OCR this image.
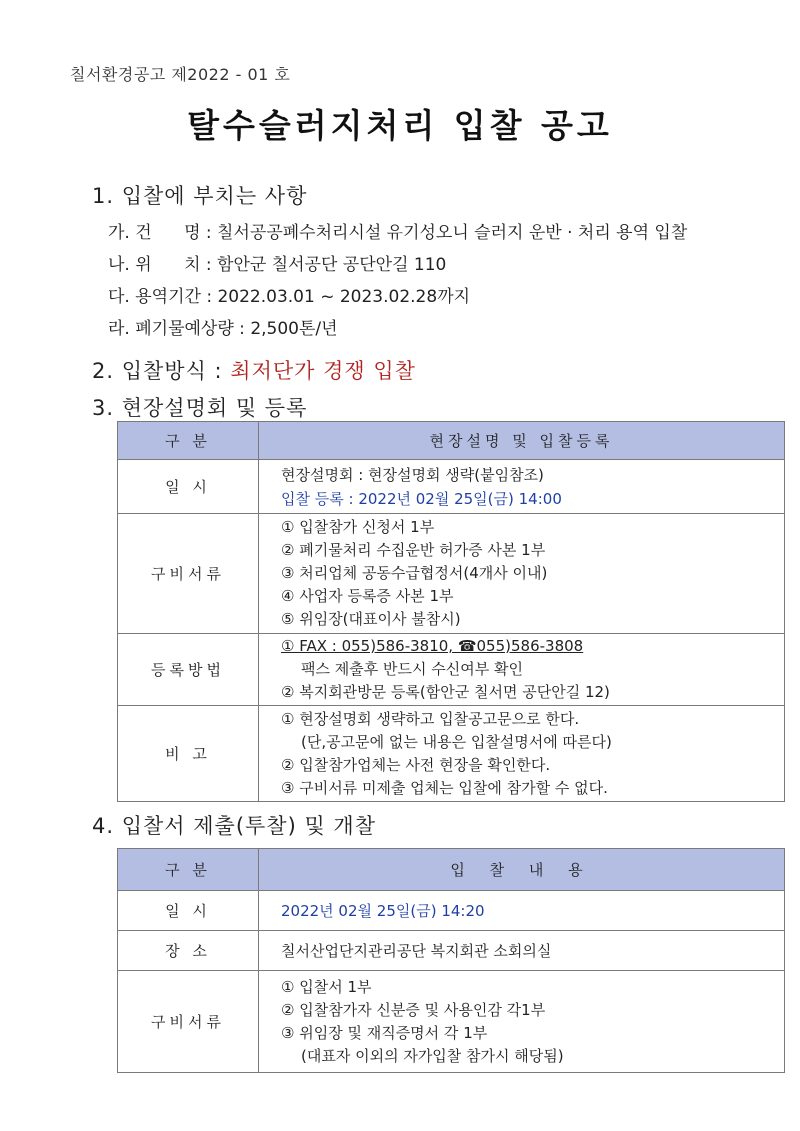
칠서환경공고 제2022 - 01 호
탈수슬러지처리 입찰 공고
1. 입찰에 부치는 사항
가. 건      명 : 칠서공공폐수처리시설 유기성오니 슬러지 운반 · 처리 용역 입찰
나. 위      치 : 함안군 칠서공단 공단안길 110
다. 용역기간 : 2022.03.01 ~ 2023.02.28까지
라. 폐기물예상량 : 2,500톤/년
2. 입찰방식 : 최저단가 경쟁 입찰
3. 현장설명회 및 등록
구 분	현장설명 및 입찰등록
일 시	현장설명회 : 현장설명회 생략(붙임참조)
입찰 등록 : 2022년 02월 25일(금) 14:00

구비서류	① 입찰참가 신청서 1부
② 폐기물처리 수집운반 허가증 사본 1부
③ 처리업체 공동수급협정서(4개사 이내)
④ 사업자 등록증 사본 1부
⑤ 위임장(대표이사 불참시)

등록방법	① FAX : 055)586-3810, ☎055)586-3808
팩스 제출후 반드시 수신여부 확인
② 복지회관방문 등록(함안군 칠서면 공단안길 12)

비 고	① 현장설명회 생략하고 입찰공고문으로 한다.
(단,공고문에 없는 내용은 입찰설명서에 따른다)
② 입찰참가업체는 사전 현장을 확인한다.
③ 구비서류 미제출 업체는 입찰에 참가할 수 없다.
4. 입찰서 제출(투찰) 및 개찰
구 분	입 찰 내 용
일 시	2022년 02월 25일(금) 14:20

장 소	칠서산업단지관리공단 복지회관 소회의실

구비서류	① 입찰서 1부
② 입찰참가자 신분증 및 사용인감 각1부
③ 위임장 및 재직증명서 각 1부
(대표자 이외의 자가입찰 참가시 해당됨)
